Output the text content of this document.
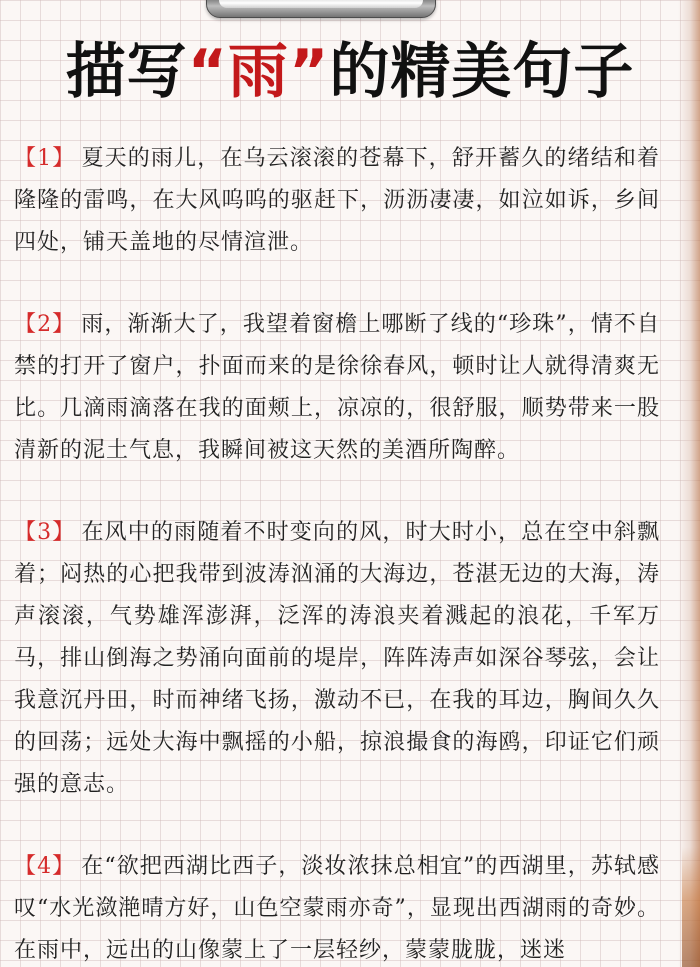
描写“雨”的精美句子

【1】 夏天的雨儿，在乌云滚滚的苍幕下，舒开蓄久的绪结和着隆隆的雷鸣，在大风呜呜的驱赶下，沥沥凄凄，如泣如诉，乡间四处，铺天盖地的尽情渲泄。

【2】 雨，渐渐大了，我望着窗檐上哪断了线的“珍珠”，情不自禁的打开了窗户，扑面而来的是徐徐春风，顿时让人就得清爽无比。几滴雨滴落在我的面颊上，凉凉的，很舒服，顺势带来一股清新的泥土气息，我瞬间被这天然的美酒所陶醉。

【3】 在风中的雨随着不时变向的风，时大时小，总在空中斜飘着；闷热的心把我带到波涛汹涌的大海边，苍湛无边的大海，涛声滚滚，气势雄浑澎湃，泛浑的涛浪夹着溅起的浪花，千军万马，排山倒海之势涌向面前的堤岸，阵阵涛声如深谷琴弦，会让我意沉丹田，时而神绪飞扬，激动不已，在我的耳边，胸间久久的回荡；远处大海中飘摇的小船，掠浪撮食的海鸥，印证它们顽强的意志。

【4】 在“欲把西湖比西子，淡妆浓抹总相宜”的西湖里，苏轼感叹“水光潋滟晴方好，山色空蒙雨亦奇”，显现出西湖雨的奇妙。在雨中，远出的山像蒙上了一层轻纱，蒙蒙胧胧，迷迷
